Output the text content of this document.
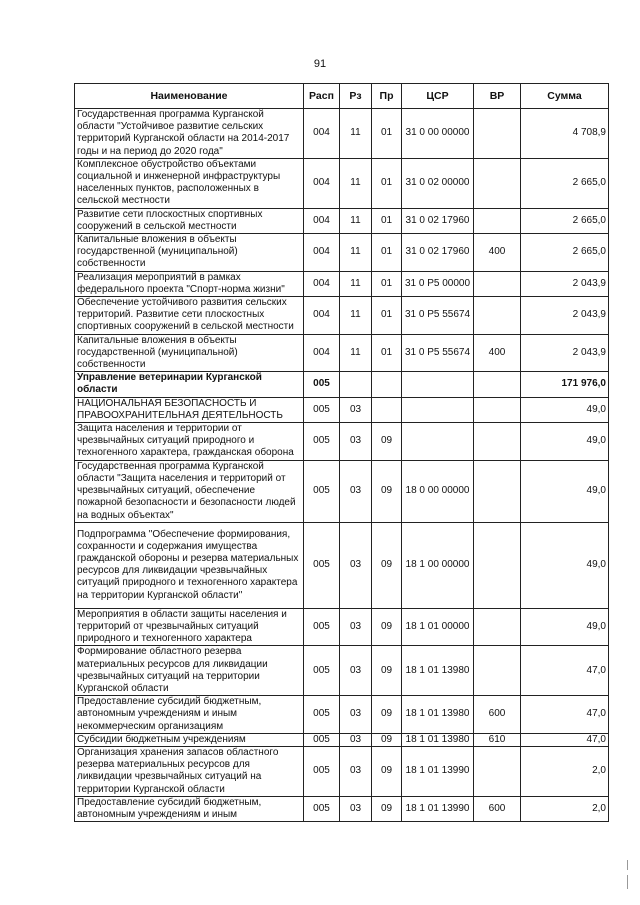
91
Наименование	Расп	Рз	Пр	ЦСР	ВР	Сумма
Государственная программа Курганской области "Устойчивое развитие сельских территорий Курганской области на 2014-2017 годы и на период до 2020 года"	004	11	01	31 0 00 00000		4 708,9
Комплексное обустройство объектами социальной и инженерной инфраструктуры населенных пунктов, расположенных в сельской местности	004	11	01	31 0 02 00000		2 665,0
Развитие сети плоскостных спортивных сооружений в сельской местности	004	11	01	31 0 02 17960		2 665,0
Капитальные вложения в объекты государственной (муниципальной) собственности	004	11	01	31 0 02 17960	400	2 665,0
Реализация мероприятий в рамках федерального проекта "Спорт-норма жизни"	004	11	01	31 0 P5 00000		2 043,9
Обеспечение устойчивого развития сельских территорий. Развитие сети плоскостных спортивных сооружений в сельской местности	004	11	01	31 0 P5 55674		2 043,9
Капитальные вложения в объекты государственной (муниципальной) собственности	004	11	01	31 0 P5 55674	400	2 043,9
Управление ветеринарии Курганской области	005					171 976,0
НАЦИОНАЛЬНАЯ БЕЗОПАСНОСТЬ И ПРАВООХРАНИТЕЛЬНАЯ ДЕЯТЕЛЬНОСТЬ	005	03				49,0
Защита населения и территории от чрезвычайных ситуаций природного и техногенного характера, гражданская оборона	005	03	09			49,0
Государственная программа Курганской области "Защита населения и территорий от чрезвычайных ситуаций, обеспечение пожарной безопасности и безопасности людей на водных объектах"	005	03	09	18 0 00 00000		49,0
Подпрограмма "Обеспечение формирования, сохранности и содержания имущества гражданской обороны и резерва материальных ресурсов для ликвидации чрезвычайных ситуаций природного и техногенного характера на территории Курганской области"	005	03	09	18 1 00 00000		49,0
Мероприятия в области защиты населения и территорий от чрезвычайных ситуаций природного и техногенного характера	005	03	09	18 1 01 00000		49,0
Формирование областного резерва материальных ресурсов для ликвидации чрезвычайных ситуаций на территории Курганской области	005	03	09	18 1 01 13980		47,0
Предоставление субсидий бюджетным, автономным учреждениям и иным некоммерческим организациям	005	03	09	18 1 01 13980	600	47,0
Субсидии бюджетным учреждениям	005	03	09	18 1 01 13980	610	47,0
Организация хранения запасов областного резерва материальных ресурсов для ликвидации чрезвычайных ситуаций на территории Курганской области	005	03	09	18 1 01 13990		2,0
Предоставление субсидий бюджетным, автономным учреждениям и иным	005	03	09	18 1 01 13990	600	2,0
